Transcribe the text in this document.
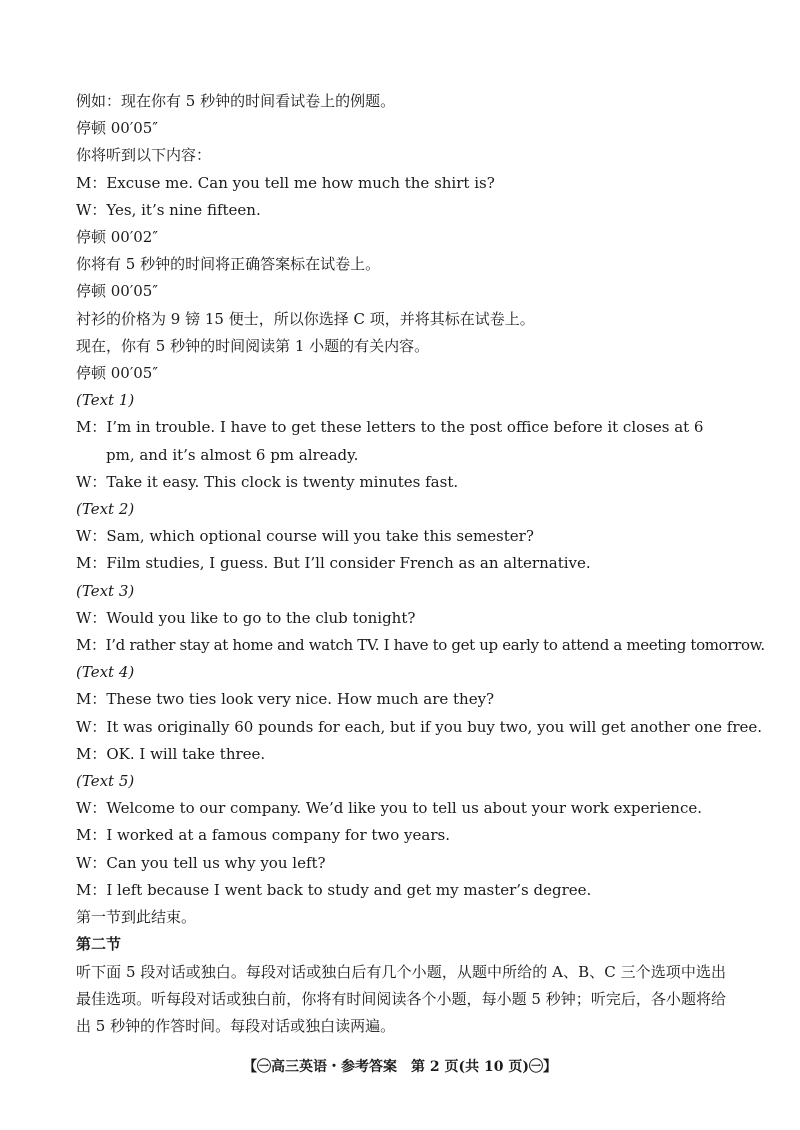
例如：现在你有 5 秒钟的时间看试卷上的例题。
停顿 00′05″
你将听到以下内容：
M：Excuse me. Can you tell me how much the shirt is?
W：Yes, it’s nine fifteen.
停顿 00′02″
你将有 5 秒钟的时间将正确答案标在试卷上。
停顿 00′05″
衬衫的价格为 9 镑 15 便士，所以你选择 C 项，并将其标在试卷上。
现在，你有 5 秒钟的时间阅读第 1 小题的有关内容。
停顿 00′05″
(Text 1)
M：I’m in trouble. I have to get these letters to the post office before it closes at 6 pm, and it’s almost 6 pm already.
W：Take it easy. This clock is twenty minutes fast.
(Text 2)
W：Sam, which optional course will you take this semester?
M：Film studies, I guess. But I’ll consider French as an alternative.
(Text 3)
W：Would you like to go to the club tonight?
M：I’d rather stay at home and watch TV. I have to get up early to attend a meeting tomorrow.
(Text 4)
M：These two ties look very nice. How much are they?
W：It was originally 60 pounds for each, but if you buy two, you will get another one free.
M：OK. I will take three.
(Text 5)
W：Welcome to our company. We’d like you to tell us about your work experience.
M：I worked at a famous company for two years.
W：Can you tell us why you left?
M：I left because I went back to study and get my master’s degree.
第一节到此结束。
第二节
听下面 5 段对话或独白。每段对话或独白后有几个小题，从题中所给的 A、B、C 三个选项中选出最佳选项。听每段对话或独白前，你将有时间阅读各个小题，每小题 5 秒钟；听完后，各小题将给出 5 秒钟的作答时间。每段对话或独白读两遍。
【㊀高三英语・参考答案　第 2 页(共 10 页)㊀】
